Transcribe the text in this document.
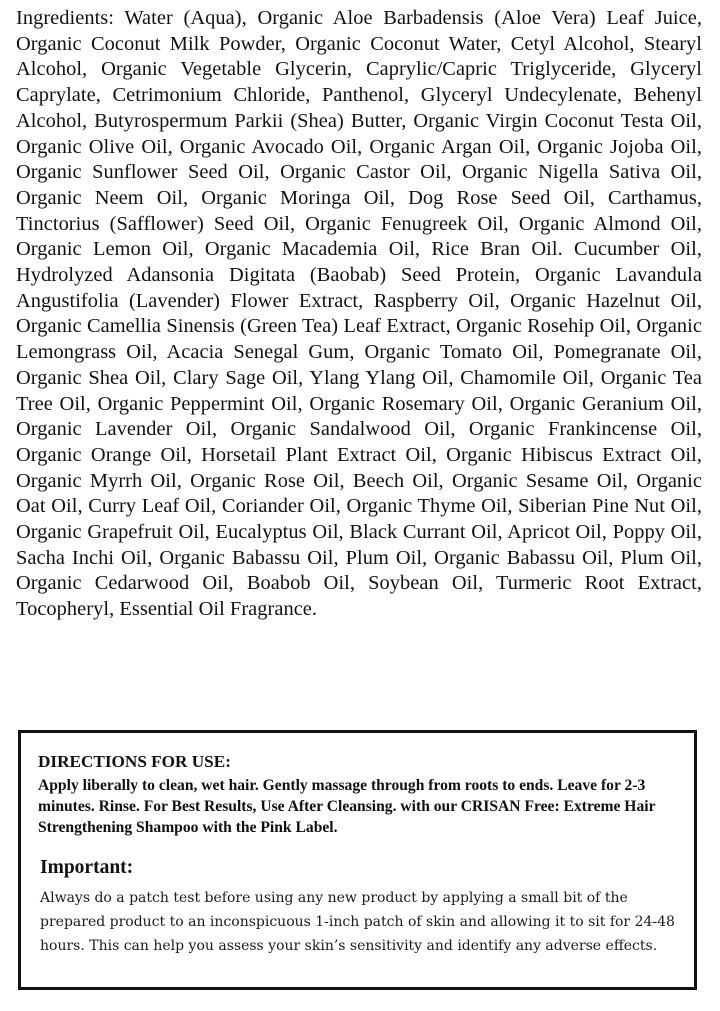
Ingredients: Water (Aqua), Organic Aloe Barbadensis (Aloe Vera) Leaf Juice, Organic Coconut Milk Powder, Organic Coconut Water, Cetyl Alcohol, Stearyl Alcohol, Organic Vegetable Glycerin, Caprylic/Capric Triglyceride, Glyceryl Caprylate, Cetrimonium Chloride, Panthenol, Glyceryl Undecylenate, Behenyl Alcohol, Butyrospermum Parkii (Shea) Butter, Organic Virgin Coconut Testa Oil, Organic Olive Oil, Organic Avocado Oil, Organic Argan Oil, Organic Jojoba Oil, Organic Sunflower Seed Oil, Organic Castor Oil, Organic Nigella Sativa Oil, Organic Neem Oil, Organic Moringa Oil, Dog Rose Seed Oil, Carthamus, Tinctorius (Safflower) Seed Oil, Organic Fenugreek Oil, Organic Almond Oil, Organic Lemon Oil, Organic Macademia Oil, Rice Bran Oil. Cucumber Oil, Hydrolyzed Adansonia Digitata (Baobab) Seed Protein, Organic Lavandula Angustifolia (Lavender) Flower Extract, Raspberry Oil, Organic Hazelnut Oil, Organic Camellia Sinensis (Green Tea) Leaf Extract, Organic Rosehip Oil, Organic Lemongrass Oil, Acacia Senegal Gum, Organic Tomato Oil, Pomegranate Oil, Organic Shea Oil, Clary Sage Oil, Ylang Ylang Oil, Chamomile Oil, Organic Tea Tree Oil, Organic Peppermint Oil, Organic Rosemary Oil, Organic Geranium Oil, Organic Lavender Oil, Organic Sandalwood Oil, Organic Frankincense Oil, Organic Orange Oil, Horsetail Plant Extract Oil, Organic Hibiscus Extract Oil, Organic Myrrh Oil, Organic Rose Oil, Beech Oil, Organic Sesame Oil, Organic Oat Oil, Curry Leaf Oil, Coriander Oil, Organic Thyme Oil, Siberian Pine Nut Oil, Organic Grapefruit Oil, Eucalyptus Oil, Black Currant Oil, Apricot Oil, Poppy Oil, Sacha Inchi Oil, Organic Babassu Oil, Plum Oil, Organic Babassu Oil, Plum Oil, Organic Cedarwood Oil, Boabob Oil, Soybean Oil, Turmeric Root Extract, Tocopheryl, Essential Oil Fragrance.

DIRECTIONS FOR USE:

Apply liberally to clean, wet hair. Gently massage through from roots to ends. Leave for 2-3 minutes. Rinse. For Best Results, Use After Cleansing. with our CRISAN Free: Extreme Hair Strengthening Shampoo with the Pink Label.

Important:

Always do a patch test before using any new product by applying a small bit of the prepared product to an inconspicuous 1-inch patch of skin and allowing it to sit for 24-48 hours. This can help you assess your skin’s sensitivity and identify any adverse effects.
